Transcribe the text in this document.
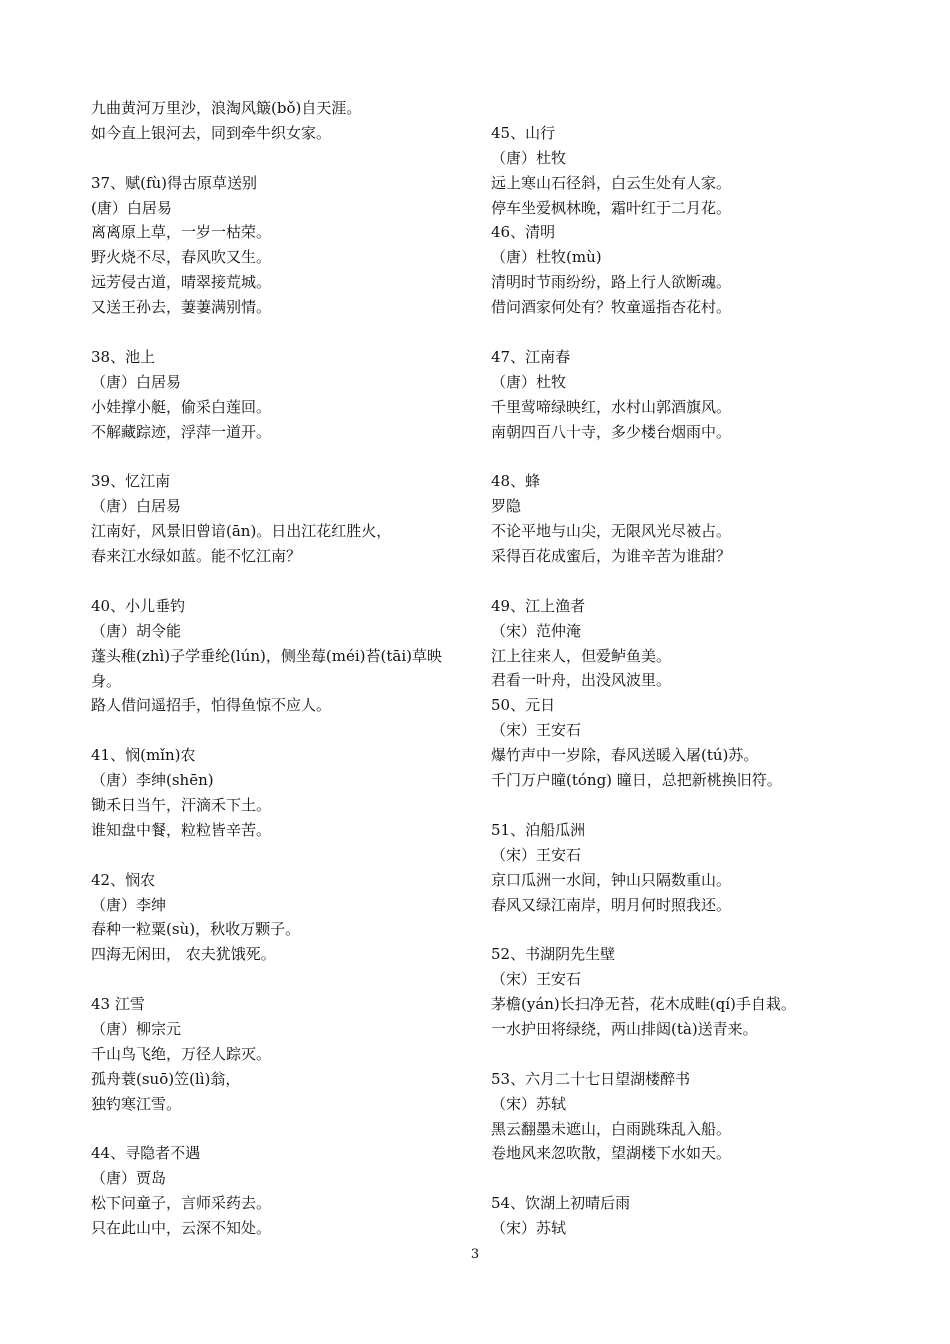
九曲黄河万里沙，浪淘风簸(bǒ)自天涯。
如今直上银河去，同到牵牛织女家。
37、赋(fù)得古原草送别
(唐）白居易
离离原上草，一岁一枯荣。
野火烧不尽，春风吹又生。
远芳侵古道，晴翠接荒城。
又送王孙去，萋萋满别情。
38、池上
（唐）白居易
小娃撑小艇，偷采白莲回。
不解藏踪迹，浮萍一道开。
39、忆江南
（唐）白居易
江南好，风景旧曾谙(ān)。日出江花红胜火，
春来江水绿如蓝。能不忆江南？
40、小儿垂钓
（唐）胡令能
蓬头稚(zhì)子学垂纶(lún)，侧坐莓(méi)苔(tāi)草映身。
路人借问遥招手，怕得鱼惊不应人。
41、悯(mǐn)农
（唐）李绅(shēn)
锄禾日当午，汗滴禾下土。
谁知盘中餐，粒粒皆辛苦。
42、悯农
（唐）李绅
春种一粒粟(sù)，秋收万颗子。
四海无闲田， 农夫犹饿死。
43 江雪
（唐）柳宗元
千山鸟飞绝，万径人踪灭。
孤舟蓑(suō)笠(lì)翁，
独钓寒江雪。
44、寻隐者不遇
（唐）贾岛
松下问童子，言师采药去。
只在此山中，云深不知处。
45、山行
（唐）杜牧
远上寒山石径斜，白云生处有人家。
停车坐爱枫林晚，霜叶红于二月花。
46、清明
（唐）杜牧(mù)
清明时节雨纷纷，路上行人欲断魂。
借问酒家何处有？牧童遥指杏花村。
47、江南春
（唐）杜牧
千里莺啼绿映红，水村山郭酒旗风。
南朝四百八十寺，多少楼台烟雨中。
48、蜂
罗隐
不论平地与山尖，无限风光尽被占。
采得百花成蜜后，为谁辛苦为谁甜？
49、江上渔者
（宋）范仲淹
江上往来人，但爱鲈鱼美。
君看一叶舟，出没风波里。
50、元日
（宋）王安石
爆竹声中一岁除，春风送暖入屠(tú)苏。
千门万户曈(tóng) 曈日，总把新桃换旧符。
51、泊船瓜洲
（宋）王安石
京口瓜洲一水间，钟山只隔数重山。
春风又绿江南岸，明月何时照我还。
52、书湖阴先生壁
（宋）王安石
茅檐(yán)长扫净无苔，花木成畦(qí)手自栽。
一水护田将绿绕，两山排闼(tà)送青来。
53、六月二十七日望湖楼醉书
（宋）苏轼
黑云翻墨未遮山，白雨跳珠乱入船。
卷地风来忽吹散，望湖楼下水如天。
54、饮湖上初晴后雨
（宋）苏轼
3
